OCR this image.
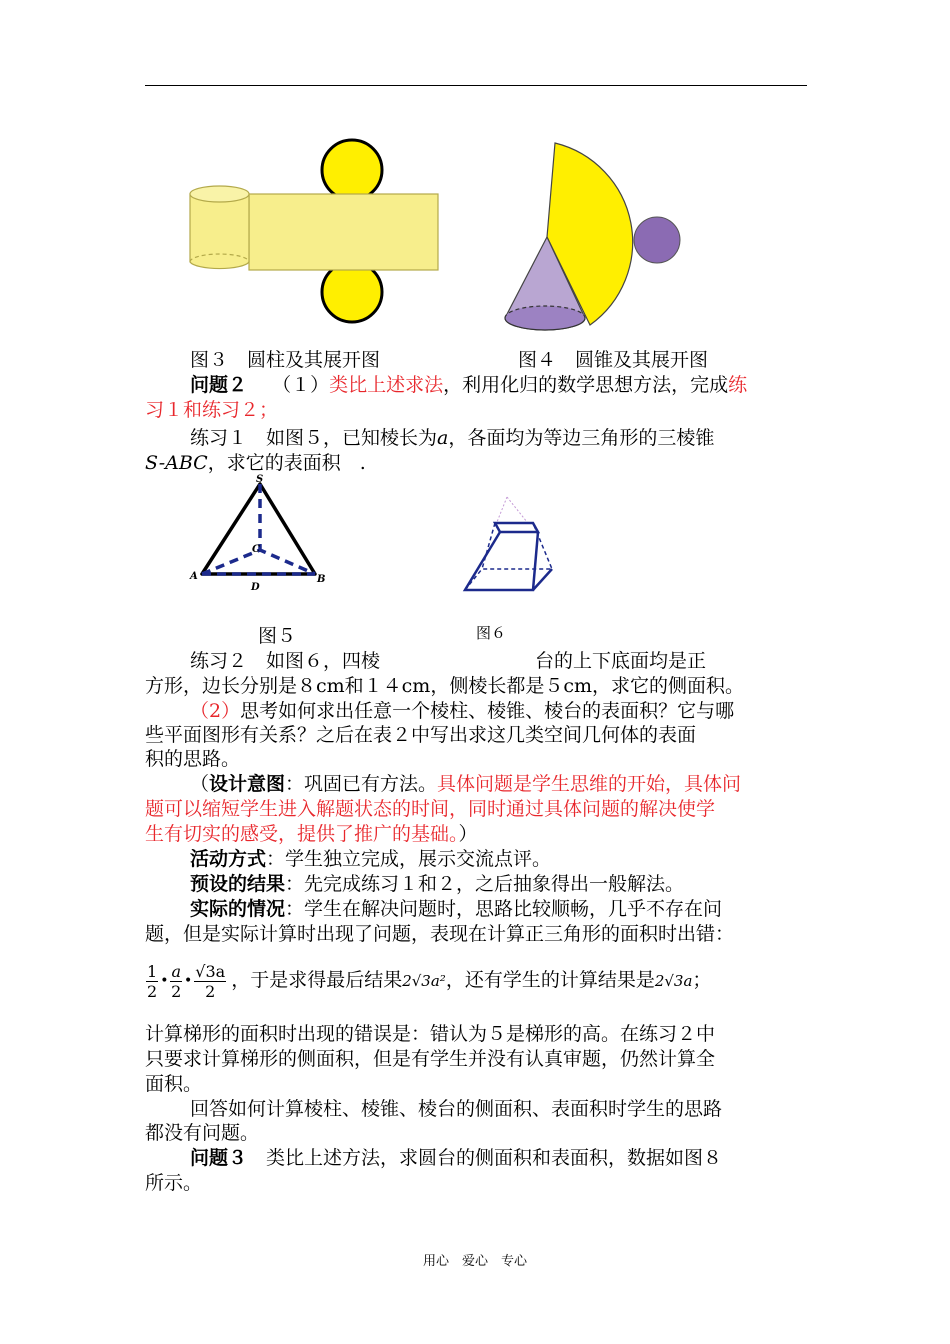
图３　圆柱及其展开图	图４　圆锥及其展开图
问题２　 （１）类比上述求法，利用化归的数学思想方法，完成练
习１和练习２；
练习１　如图５，已知棱长为a，各面均为等边三角形的三棱锥
S-ABC，求它的表面积　.
S
A	B
C
D
图５	图６
练习２　如图６，四棱	台的上下底面均是正
方形，边长分别是８cm和１４cm，侧棱长都是５cm，求它的侧面积。
（2）思考如何求出任意一个棱柱、棱锥、棱台的表面积？它与哪
些平面图形有关系？之后在表２中写出求这几类空间几何体的表面
积的思路。
（设计意图：巩固已有方法。具体问题是学生思维的开始，具体问
题可以缩短学生进入解题状态的时间，同时通过具体问题的解决使学
生有切实的感受，提供了推广的基础。）
活动方式：学生独立完成，展示交流点评。
预设的结果：先完成练习１和２，之后抽象得出一般解法。
实际的情况：学生在解决问题时，思路比较顺畅，几乎不存在问
题，但是实际计算时出现了问题，表现在计算正三角形的面积时出错：
$\frac{1}{2}$ • $\frac{a}{2}$ • $\frac{√3a}{2}$ ，于是求得最后结果2√3a²，还有学生的计算结果是2√3a；
计算梯形的面积时出现的错误是：错认为５是梯形的高。在练习２中
只要求计算梯形的侧面积，但是有学生并没有认真审题，仍然计算全
面积。
回答如何计算棱柱、棱锥、棱台的侧面积、表面积时学生的思路
都没有问题。
问题３　类比上述方法，求圆台的侧面积和表面积，数据如图８
所示。
用心　爱心　专心
